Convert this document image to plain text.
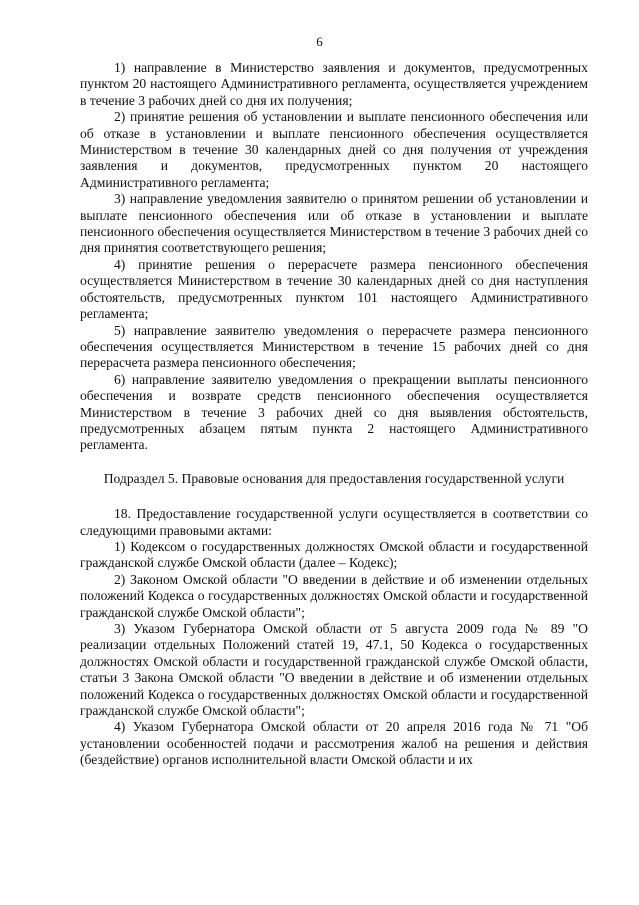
6

1) направление в Министерство заявления и документов, предусмотренных пунктом 20 настоящего Административного регламента, осуществляется учреждением в течение 3 рабочих дней со дня их получения;

2) принятие решения об установлении и выплате пенсионного обеспечения или об отказе в установлении и выплате пенсионного обеспечения осуществляется Министерством в течение 30 календарных дней со дня получения от учреждения заявления и документов, предусмотренных пунктом 20 настоящего Административного регламента;

3) направление уведомления заявителю о принятом решении об установлении и выплате пенсионного обеспечения или об отказе в установлении и выплате пенсионного обеспечения осуществляется Министерством в течение 3 рабочих дней со дня принятия соответствующего решения;

4) принятие решения о перерасчете размера пенсионного обеспечения осуществляется Министерством в течение 30 календарных дней со дня наступления обстоятельств, предусмотренных пунктом 101 настоящего Административного регламента;

5) направление заявителю уведомления о перерасчете размера пенсионного обеспечения осуществляется Министерством в течение 15 рабочих дней со дня перерасчета размера пенсионного обеспечения;

6) направление заявителю уведомления о прекращении выплаты пенсионного обеспечения и возврате средств пенсионного обеспечения осуществляется Министерством в течение 3 рабочих дней со дня выявления обстоятельств, предусмотренных абзацем пятым пункта 2 настоящего Административного регламента.

Подраздел 5. Правовые основания для предоставления государственной услуги

18. Предоставление государственной услуги осуществляется в соответствии со следующими правовыми актами:

1) Кодексом о государственных должностях Омской области и государственной гражданской службе Омской области (далее – Кодекс);

2) Законом Омской области "О введении в действие и об изменении отдельных положений Кодекса о государственных должностях Омской области и государственной гражданской службе Омской области";

3) Указом Губернатора Омской области от 5 августа 2009 года № 89 "О реализации отдельных Положений статей 19, 47.1, 50 Кодекса о государственных должностях Омской области и государственной гражданской службе Омской области, статьи 3 Закона Омской области "О введении в действие и об изменении отдельных положений Кодекса о государственных должностях Омской области и государственной гражданской службе Омской области";

4) Указом Губернатора Омской области от 20 апреля 2016 года № 71 "Об установлении особенностей подачи и рассмотрения жалоб на решения и действия (бездействие) органов исполнительной власти Омской области и их
